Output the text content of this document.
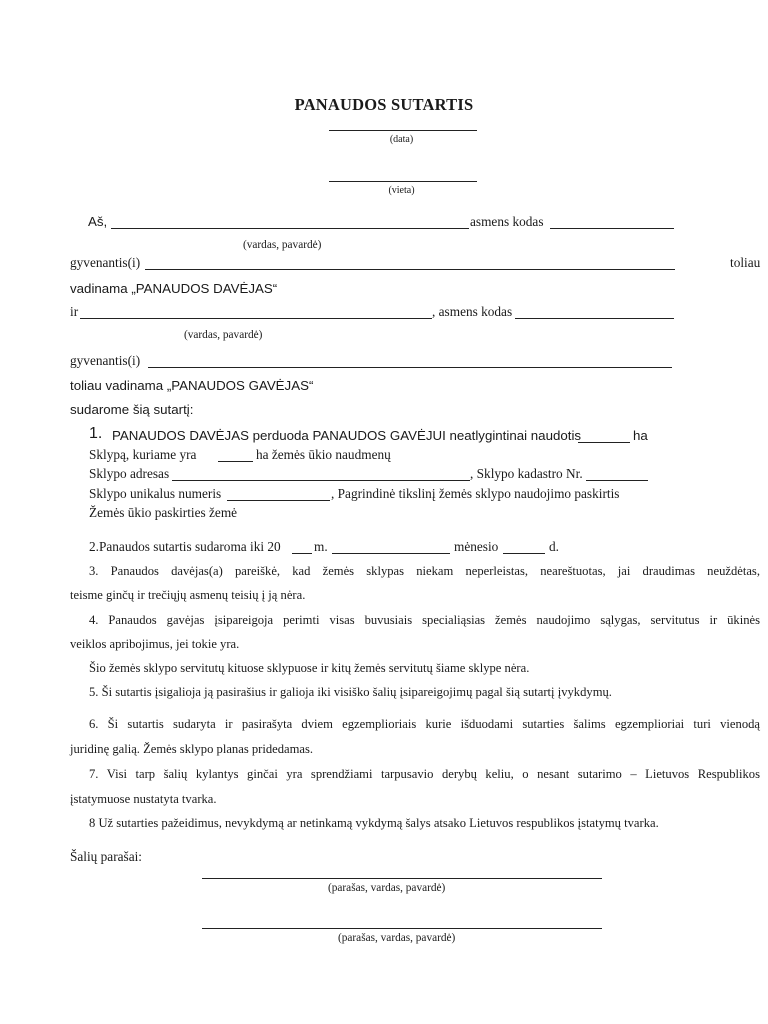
PANAUDOS SUTARTIS
(data)
(vieta)
Aš,	asmens kodas
(vardas, pavardė)
gyvenantis(i)	toliau
vadinama „PANAUDOS DAVĖJAS“
ir	, asmens kodas
(vardas, pavardė)
gyvenantis(i)
toliau vadinama „PANAUDOS GAVĖJAS“
sudarome šią sutartį:
1. PANAUDOS DAVĖJAS perduoda PANAUDOS GAVĖJUI neatlygintinai naudotis	ha
Sklypą, kuriame yra	ha žemės ūkio naudmenų
Sklypo adresas	, Sklypo kadastro Nr.
Sklypo unikalus numeris	, Pagrindinė tikslinį žemės sklypo naudojimo paskirtis
Žemės ūkio paskirties žemė
2.Panaudos sutartis sudaroma iki 20	m.	mėnesio	d.
3. Panaudos davėjas(a) pareiškė, kad žemės sklypas niekam neperleistas, neareštuotas, jai draudimas neuždėtas,
teisme ginčų ir trečiųjų asmenų teisių į ją nėra.
4. Panaudos gavėjas įsipareigoja perimti visas buvusiais specialiąsias žemės naudojimo sąlygas, servitutus ir ūkinės
veiklos apribojimus, jei tokie yra.
Šio žemės sklypo servitutų kituose sklypuose ir kitų žemės servitutų šiame sklype nėra.
5. Ši sutartis įsigalioja ją pasirašius ir galioja iki visiško šalių įsipareigojimų pagal šią sutartį įvykdymų.
6. Ši sutartis sudaryta ir pasirašyta dviem egzemplioriais kurie išduodami sutarties šalims egzemplioriai turi vienodą
juridinę galią. Žemės sklypo planas pridedamas.
7. Visi tarp šalių kylantys ginčai yra sprendžiami tarpusavio derybų keliu, o nesant sutarimo – Lietuvos Respublikos
įstatymuose nustatyta tvarka.
8 Už sutarties pažeidimus, nevykdymą ar netinkamą vykdymą šalys atsako Lietuvos respublikos įstatymų tvarka.
Šalių parašai:
(parašas, vardas, pavardė)
(parašas, vardas, pavardė)
